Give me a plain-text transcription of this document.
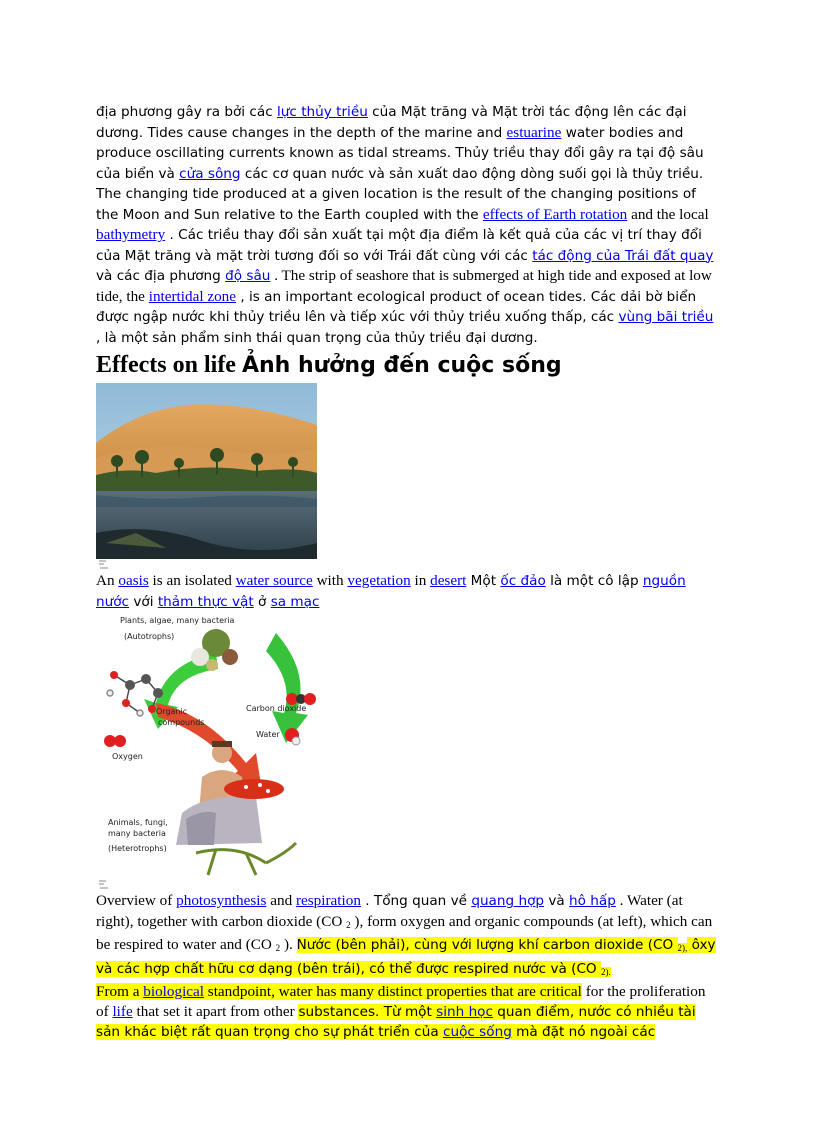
địa phương gây ra bởi các lực thủy triều của Mặt trăng và Mặt trời tác động lên các đại dương. Tides cause changes in the depth of the marine and estuarine water bodies and produce oscillating currents known as tidal streams. Thủy triều thay đổi gây ra tại độ sâu của biển và cửa sông các cơ quan nước và sản xuất dao động dòng suối gọi là thủy triều. The changing tide produced at a given location is the result of the changing positions of the Moon and Sun relative to the Earth coupled with the effects of Earth rotation and the local bathymetry . Các triều thay đổi sản xuất tại một địa điểm là kết quả của các vị trí thay đổi của Mặt trăng và mặt trời tương đối so với Trái đất cùng với các tác động của Trái đất quay và các địa phương độ sâu . The strip of seashore that is submerged at high tide and exposed at low tide, the intertidal zone , is an important ecological product of ocean tides. Các dải bờ biển được ngập nước khi thủy triều lên và tiếp xúc với thủy triều xuống thấp, các vùng bãi triều , là một sản phẩm sinh thái quan trọng của thủy triều đại dương.

Effects on life Ảnh hưởng đến cuộc sống

An oasis is an isolated water source with vegetation in desert Một ốc đảo là một cô lập nguồn nước với thảm thực vật ở sa mạc

Plants, algae, many bacteria
(Autotrophs)
Organic
compounds
Carbon dioxide
Water
Oxygen
Animals, fungi,
many bacteria
(Heterotrophs)

Overview of photosynthesis and respiration . Tổng quan về quang hợp và hô hấp . Water (at right), together with carbon dioxide (CO $_2$ ), form oxygen and organic compounds (at left), which can be respired to water and (CO $_2$ ). Nước (bên phải), cùng với lượng khí carbon dioxide (CO $_{2),}$ ôxy và các hợp chất hữu cơ dạng (bên trái), có thể được respired nước và (CO $_{2).}$

From a biological standpoint, water has many distinct properties that are critical for the proliferation of life that set it apart from other substances. Từ một sinh học quan điểm, nước có nhiều tài sản khác biệt rất quan trọng cho sự phát triển của cuộc sống mà đặt nó ngoài các
